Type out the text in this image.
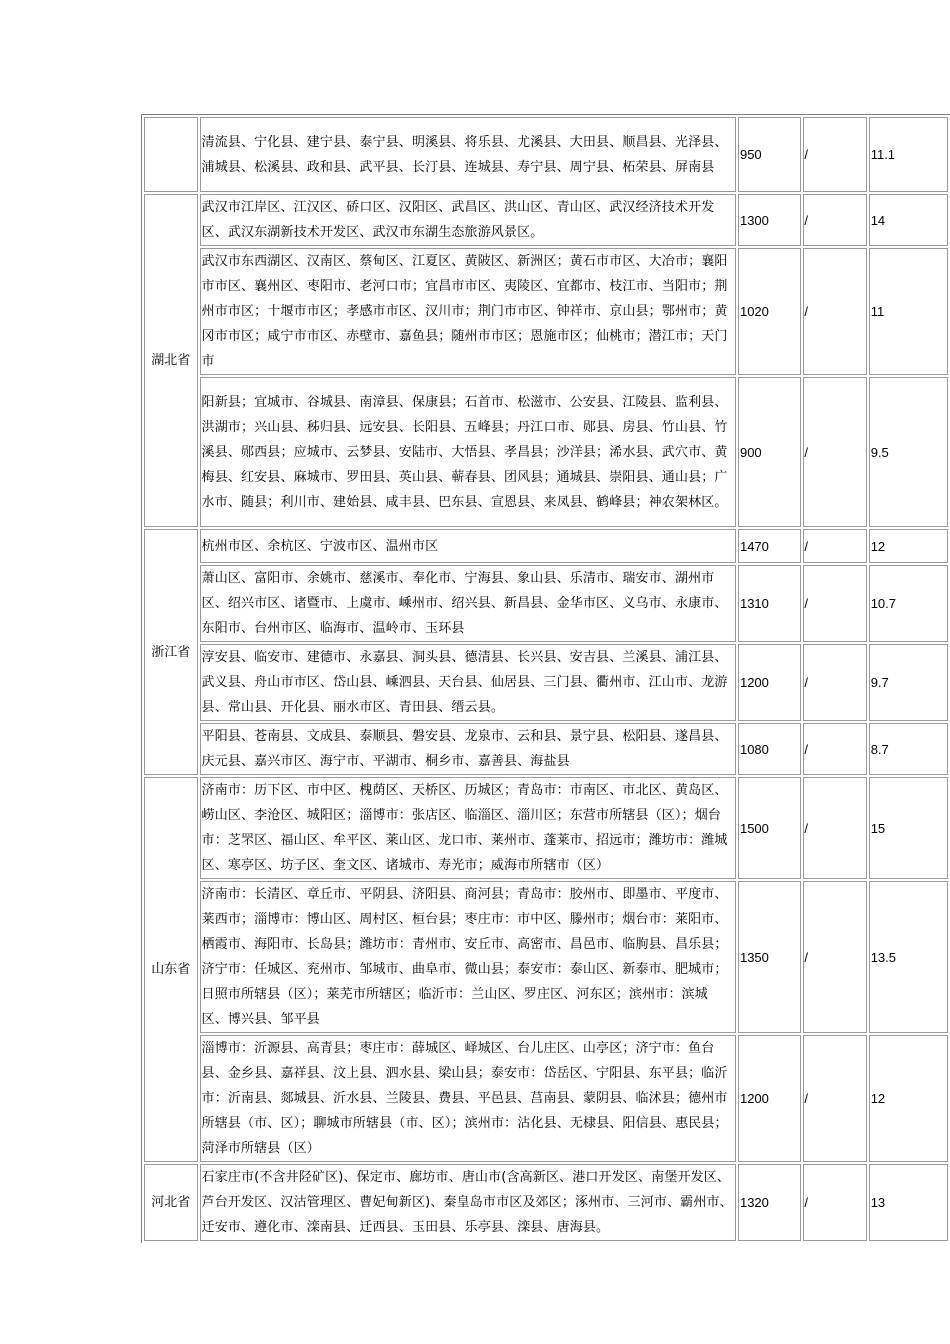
	清流县、宁化县、建宁县、泰宁县、明溪县、将乐县、尤溪县、大田县、顺昌县、光泽县、浦城县、松溪县、政和县、武平县、长汀县、连城县、寿宁县、周宁县、柘荣县、屏南县	950	/	11.1
湖北省	武汉市江岸区、江汉区、硚口区、汉阳区、武昌区、洪山区、青山区、武汉经济技术开发区、武汉东湖新技术开发区、武汉市东湖生态旅游风景区。	1300	/	14
	武汉市东西湖区、汉南区、蔡甸区、江夏区、黄陂区、新洲区；黄石市市区、大冶市；襄阳市市区、襄州区、枣阳市、老河口市；宜昌市市区、夷陵区、宜都市、枝江市、当阳市；荆州市市区；十堰市市区；孝感市市区、汉川市；荆门市市区、钟祥市、京山县；鄂州市；黄冈市市区；咸宁市市区、赤壁市、嘉鱼县；随州市市区；恩施市区；仙桃市；潜江市；天门市	1020	/	11
	阳新县；宜城市、谷城县、南漳县、保康县；石首市、松滋市、公安县、江陵县、监利县、洪湖市；兴山县、秭归县、远安县、长阳县、五峰县；丹江口市、郧县、房县、竹山县、竹溪县、郧西县；应城市、云梦县、安陆市、大悟县、孝昌县；沙洋县；浠水县、武穴市、黄梅县、红安县、麻城市、罗田县、英山县、蕲春县、团风县；通城县、崇阳县、通山县；广水市、随县；利川市、建始县、咸丰县、巴东县、宣恩县、来凤县、鹤峰县；神农架林区。	900	/	9.5
浙江省	杭州市区、余杭区、宁波市区、温州市区	1470	/	12
	萧山区、富阳市、余姚市、慈溪市、奉化市、宁海县、象山县、乐清市、瑞安市、湖州市区、绍兴市区、诸暨市、上虞市、嵊州市、绍兴县、新昌县、金华市区、义乌市、永康市、东阳市、台州市区、临海市、温岭市、玉环县	1310	/	10.7
	淳安县、临安市、建德市、永嘉县、洞头县、德清县、长兴县、安吉县、兰溪县、浦江县、武义县、舟山市市区、岱山县、嵊泗县、天台县、仙居县、三门县、衢州市、江山市、龙游县、常山县、开化县、丽水市区、青田县、缙云县。	1200	/	9.7
	平阳县、苍南县、文成县、泰顺县、磐安县、龙泉市、云和县、景宁县、松阳县、遂昌县、庆元县、嘉兴市区、海宁市、平湖市、桐乡市、嘉善县、海盐县	1080	/	8.7
山东省	济南市：历下区、市中区、槐荫区、天桥区、历城区；青岛市：市南区、市北区、黄岛区、崂山区、李沧区、城阳区；淄博市：张店区、临淄区、淄川区；东营市所辖县（区）；烟台市：芝罘区、福山区、牟平区、莱山区、龙口市、莱州市、蓬莱市、招远市；潍坊市：潍城区、寒亭区、坊子区、奎文区、诸城市、寿光市；威海市所辖市（区）	1500	/	15
	济南市：长清区、章丘市、平阴县、济阳县、商河县；青岛市：胶州市、即墨市、平度市、莱西市；淄博市：博山区、周村区、桓台县；枣庄市：市中区、滕州市；烟台市：莱阳市、栖霞市、海阳市、长岛县；潍坊市：青州市、安丘市、高密市、昌邑市、临朐县、昌乐县；济宁市：任城区、兖州市、邹城市、曲阜市、微山县；泰安市：泰山区、新泰市、肥城市；日照市所辖县（区）；莱芜市所辖区；临沂市：兰山区、罗庄区、河东区；滨州市：滨城区、博兴县、邹平县	1350	/	13.5
	淄博市：沂源县、高青县；枣庄市：薛城区、峄城区、台儿庄区、山亭区；济宁市：鱼台县、金乡县、嘉祥县、汶上县、泗水县、梁山县；泰安市：岱岳区、宁阳县、东平县；临沂市：沂南县、郯城县、沂水县、兰陵县、费县、平邑县、莒南县、蒙阴县、临沭县；德州市所辖县（市、区）；聊城市所辖县（市、区）；滨州市：沾化县、无棣县、阳信县、惠民县；菏泽市所辖县（区）	1200	/	12
河北省	石家庄市(不含井陉矿区)、保定市、廊坊市、唐山市(含高新区、港口开发区、南堡开发区、芦台开发区、汉沽管理区、曹妃甸新区)、秦皇岛市市区及郊区；涿州市、三河市、霸州市、迁安市、遵化市、滦南县、迁西县、玉田县、乐亭县、滦县、唐海县。	1320	/	13
